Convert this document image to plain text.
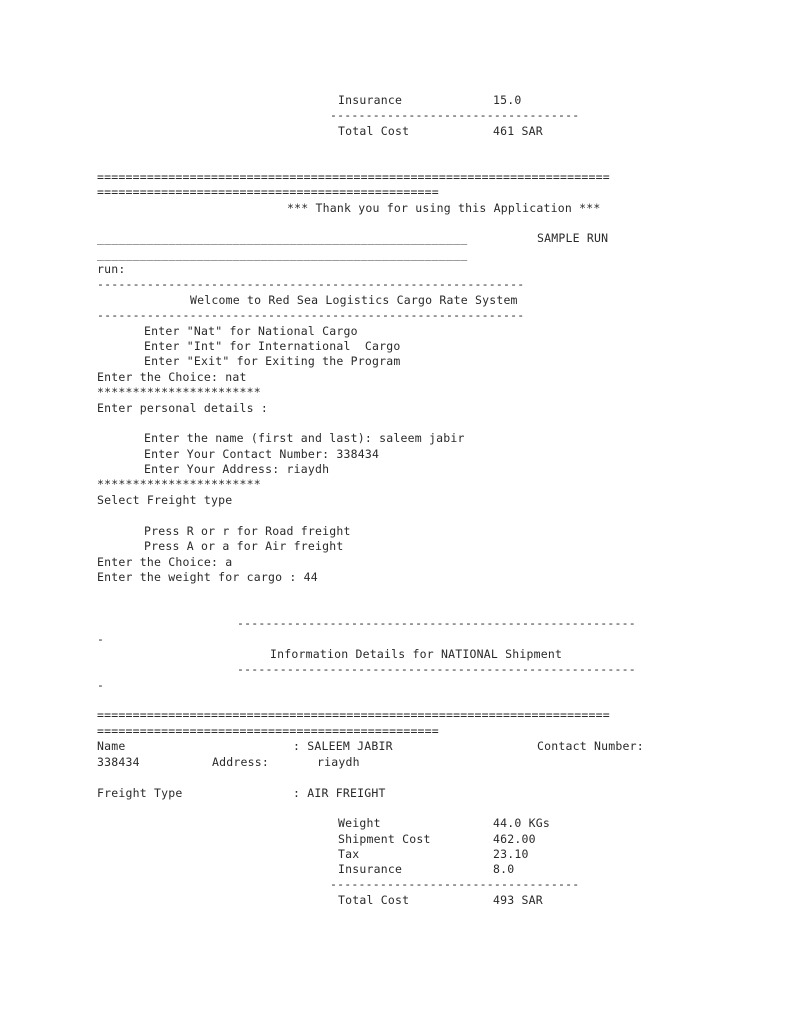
Insurance	15.0
-----------------------------------
Total Cost	461 SAR
========================================================================
================================================
*** Thank you for using this Application ***
____________________________________________________	SAMPLE RUN
____________________________________________________
run:
------------------------------------------------------------
Welcome to Red Sea Logistics Cargo Rate System
------------------------------------------------------------
Enter "Nat" for National Cargo
Enter "Int" for International  Cargo
Enter "Exit" for Exiting the Program
Enter the Choice: nat
***********************
Enter personal details :
Enter the name (first and last): saleem jabir
Enter Your Contact Number: 338434
Enter Your Address: riaydh
***********************
Select Freight type
Press R or r for Road freight
Press A or a for Air freight
Enter the Choice: a
Enter the weight for cargo : 44
--------------------------------------------------------
-
Information Details for NATIONAL Shipment
--------------------------------------------------------
-
========================================================================
================================================
Name	: SALEEM JABIR	Contact Number:
338434	Address:	riaydh
Freight Type	: AIR FREIGHT
Weight	44.0 KGs
Shipment Cost	462.00
Tax	23.10
Insurance	8.0
-----------------------------------
Total Cost	493 SAR
